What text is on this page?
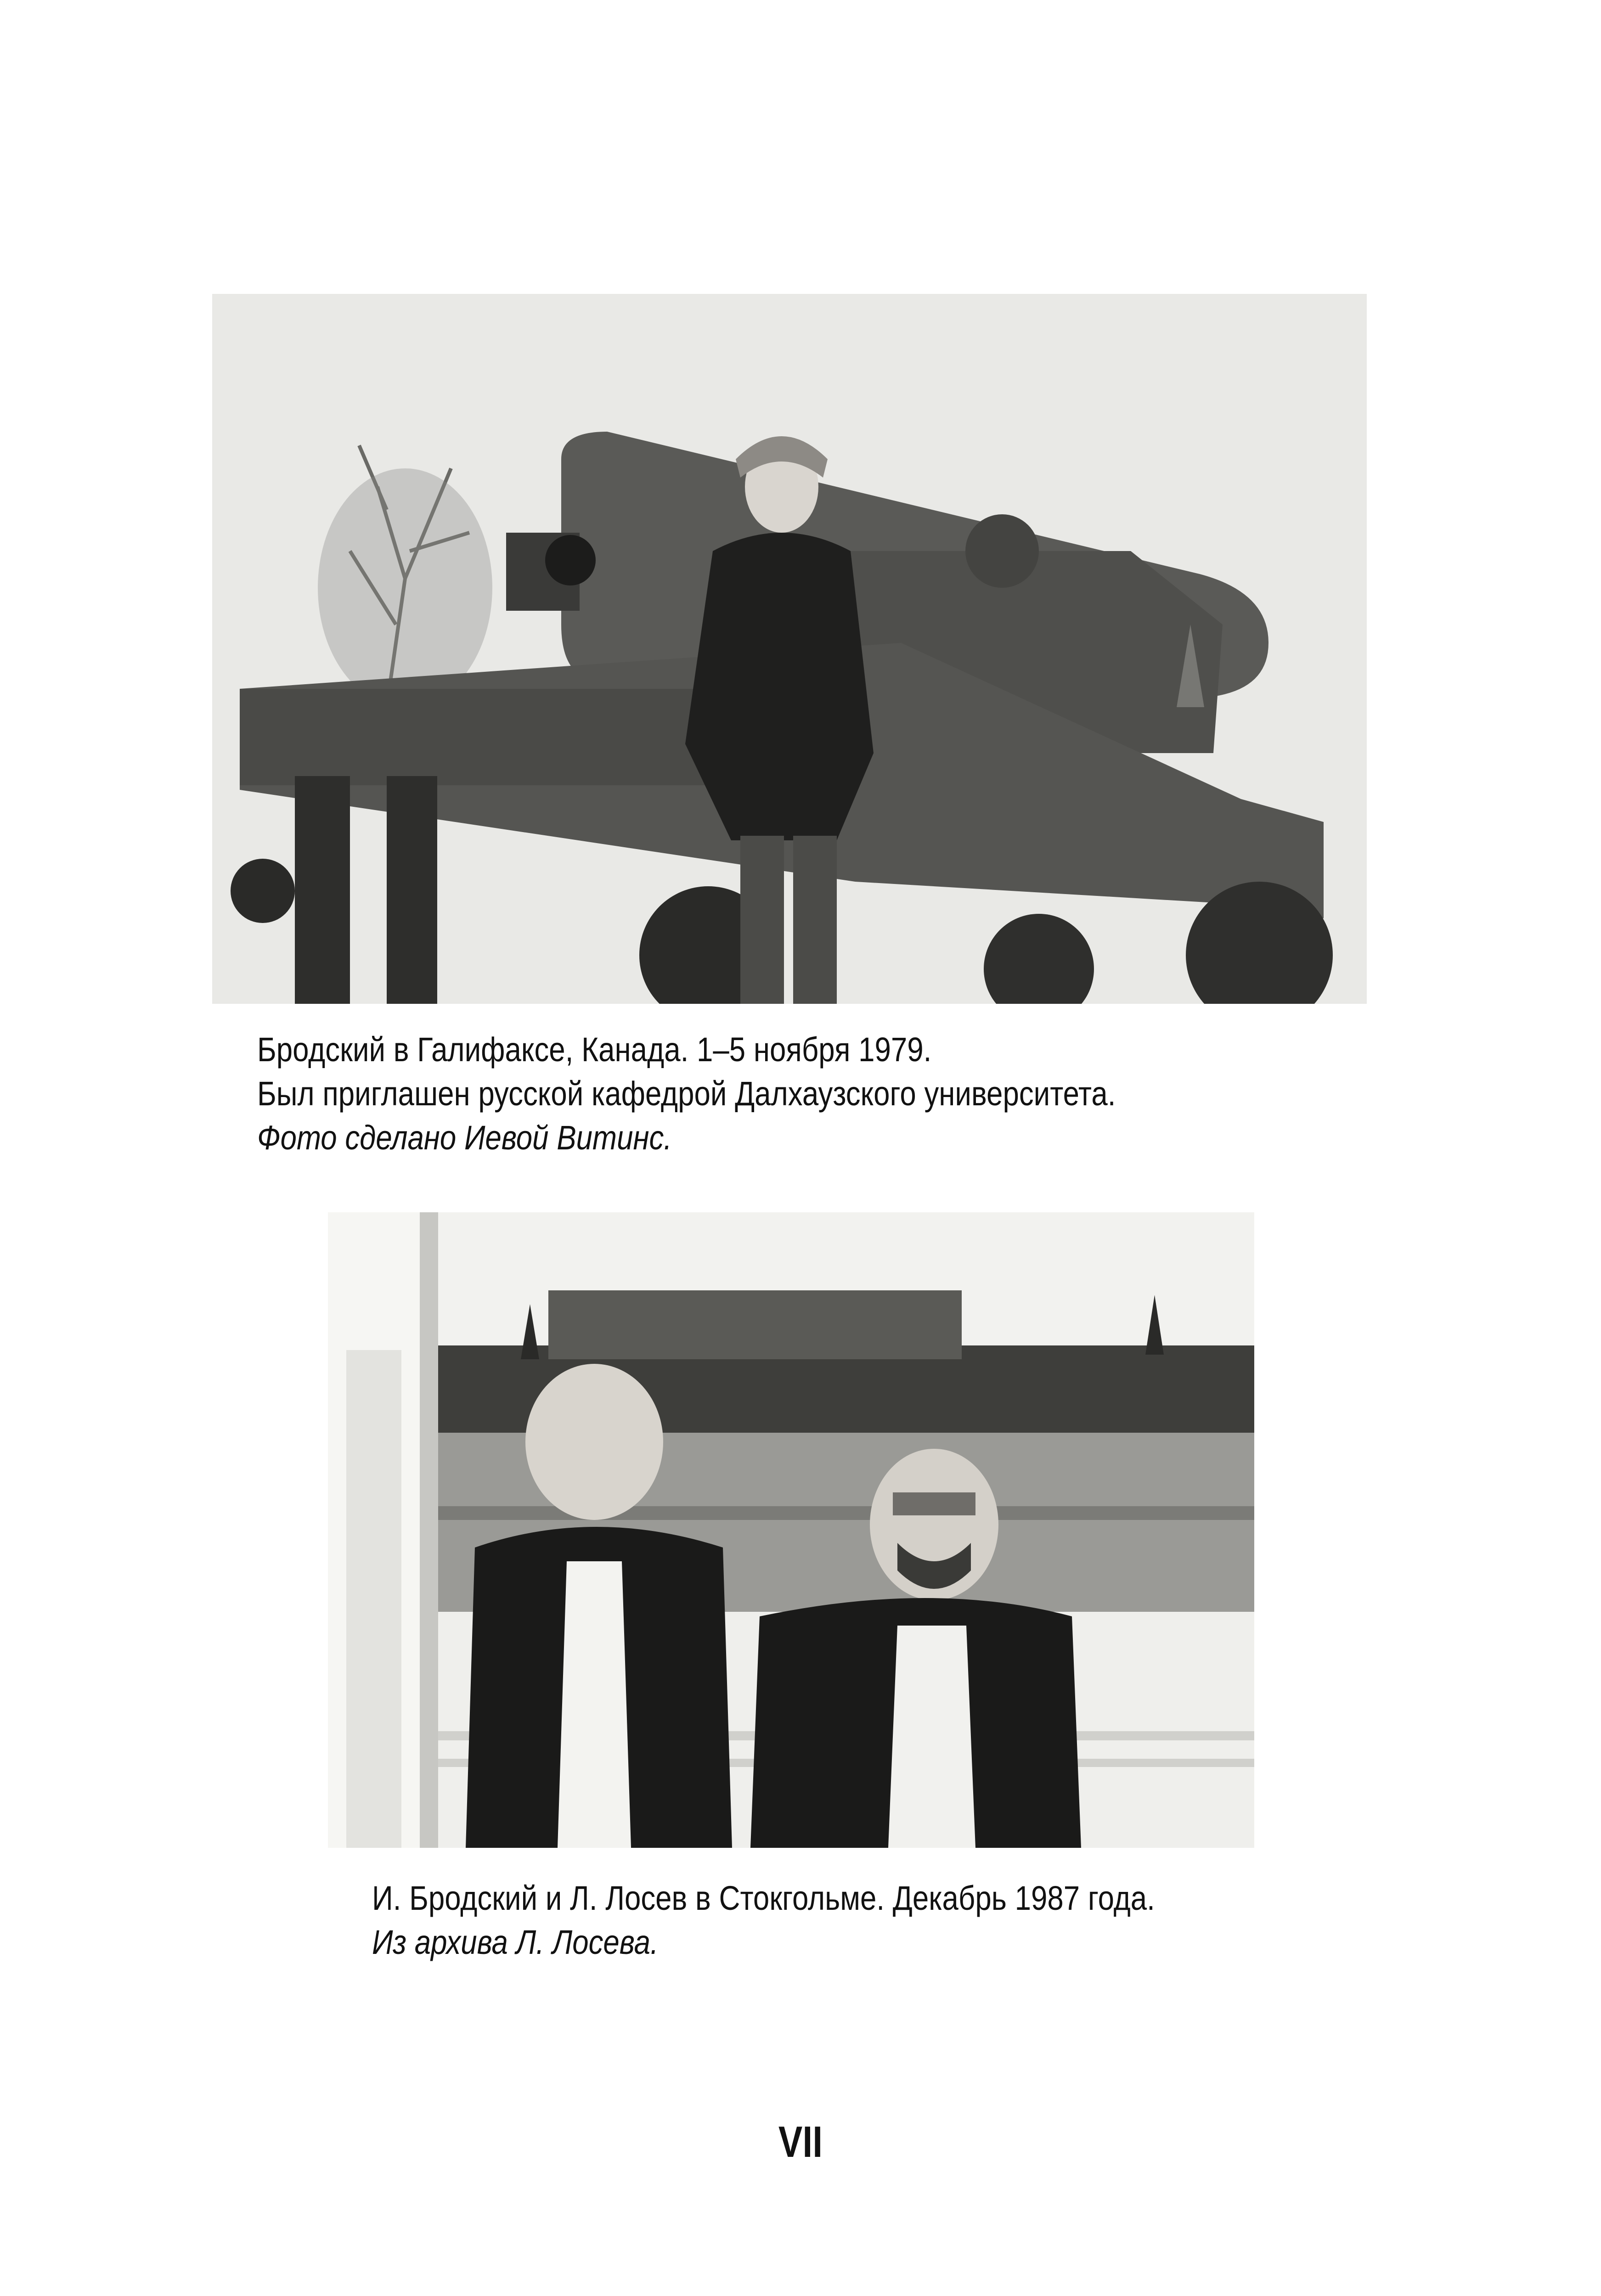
Бродский в Галифаксе, Канада. 1–5 ноября 1979.
Был приглашен русской кафедрой Далхаузского университета.
Фото сделано Иевой Витинс.
И. Бродский и Л. Лосев в Стокгольме. Декабрь 1987 года.
Из архива Л. Лосева.
VII
